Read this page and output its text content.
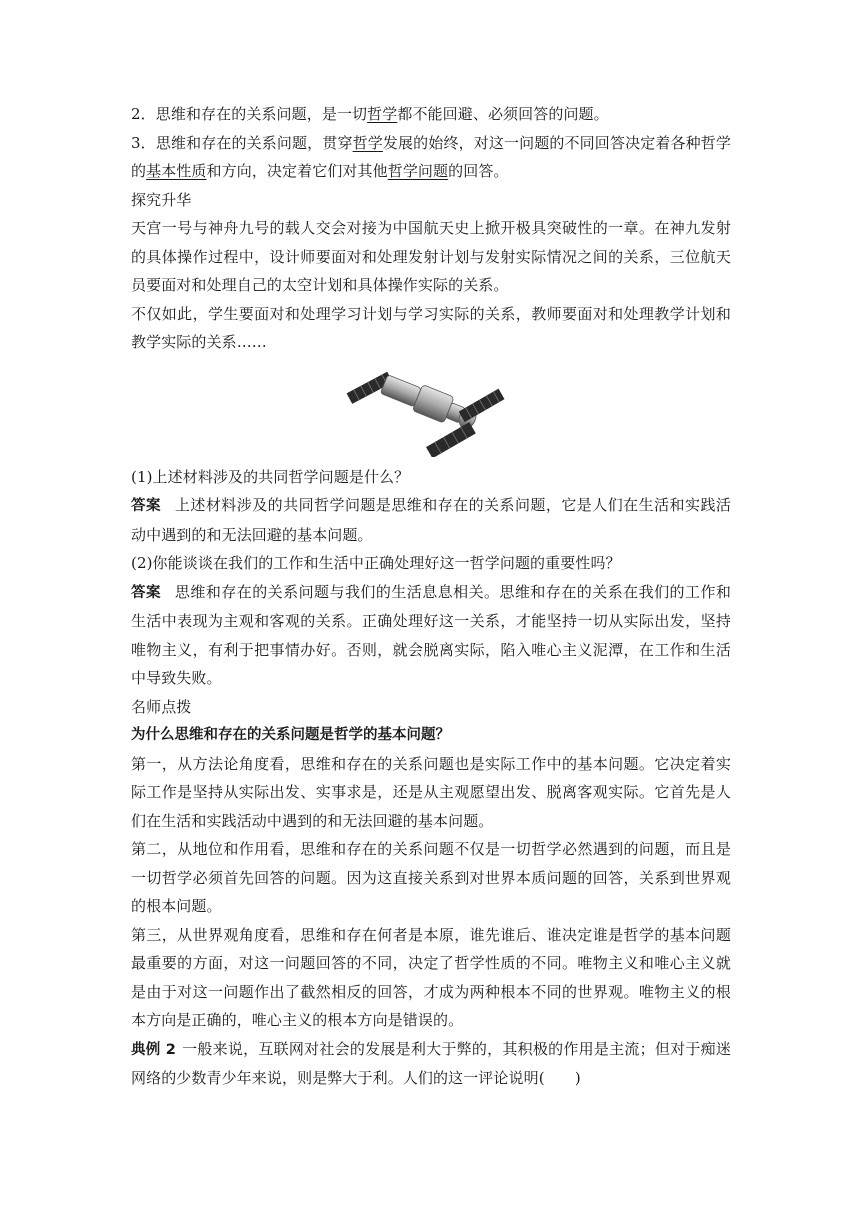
2．思维和存在的关系问题，是一切哲学都不能回避、必须回答的问题。

3．思维和存在的关系问题，贯穿哲学发展的始终，对这一问题的不同回答决定着各种哲学的基本性质和方向，决定着它们对其他哲学问题的回答。

探究升华

天宫一号与神舟九号的载人交会对接为中国航天史上掀开极具突破性的一章。在神九发射的具体操作过程中，设计师要面对和处理发射计划与发射实际情况之间的关系，三位航天员要面对和处理自己的太空计划和具体操作实际的关系。

不仅如此，学生要面对和处理学习计划与学习实际的关系，教师要面对和处理教学计划和教学实际的关系……

(1)上述材料涉及的共同哲学问题是什么？

答案 上述材料涉及的共同哲学问题是思维和存在的关系问题，它是人们在生活和实践活动中遇到的和无法回避的基本问题。

(2)你能谈谈在我们的工作和生活中正确处理好这一哲学问题的重要性吗？

答案 思维和存在的关系问题与我们的生活息息相关。思维和存在的关系在我们的工作和生活中表现为主观和客观的关系。正确处理好这一关系，才能坚持一切从实际出发，坚持唯物主义，有利于把事情办好。否则，就会脱离实际，陷入唯心主义泥潭，在工作和生活中导致失败。

名师点拨

为什么思维和存在的关系问题是哲学的基本问题？

第一，从方法论角度看，思维和存在的关系问题也是实际工作中的基本问题。它决定着实际工作是坚持从实际出发、实事求是，还是从主观愿望出发、脱离客观实际。它首先是人们在生活和实践活动中遇到的和无法回避的基本问题。

第二，从地位和作用看，思维和存在的关系问题不仅是一切哲学必然遇到的问题，而且是一切哲学必须首先回答的问题。因为这直接关系到对世界本质问题的回答，关系到世界观的根本问题。

第三，从世界观角度看，思维和存在何者是本原，谁先谁后、谁决定谁是哲学的基本问题最重要的方面，对这一问题回答的不同，决定了哲学性质的不同。唯物主义和唯心主义就是由于对这一问题作出了截然相反的回答，才成为两种根本不同的世界观。唯物主义的根本方向是正确的，唯心主义的根本方向是错误的。

典例 2 一般来说，互联网对社会的发展是利大于弊的，其积极的作用是主流；但对于痴迷网络的少数青少年来说，则是弊大于利。人们的这一评论说明(　　)
